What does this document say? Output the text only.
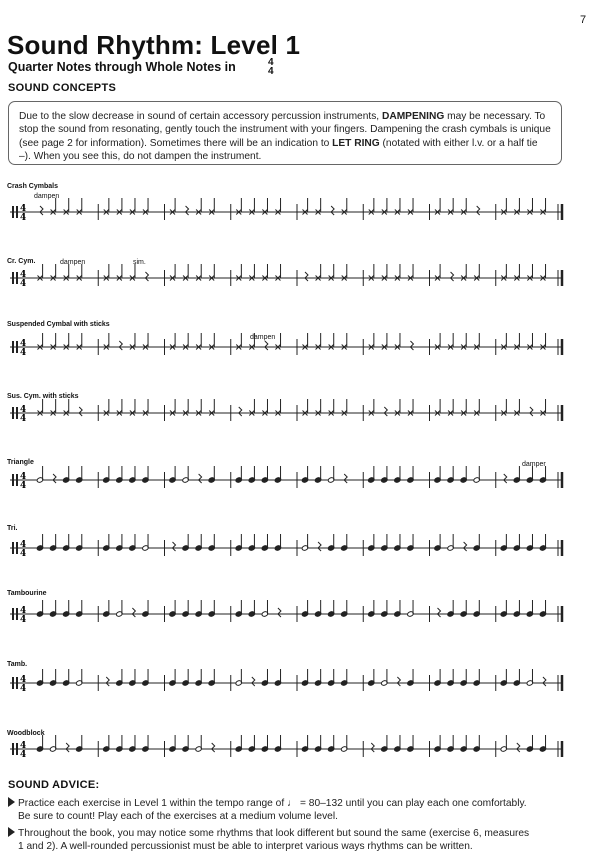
7
Sound Rhythm: Level 1
Quarter Notes through Whole Notes in	4
4
SOUND CONCEPTS
Due to the slow decrease in sound of certain accessory percussion instruments, DAMPENING may be necessary. To stop the sound from resonating, gently touch the instrument with your fingers. Dampening the crash cymbals is unique (see page 2 for information). Sometimes there will be an indication to LET RING (notated with either l.v. or a half tie –). When you see this, do not dampen the instrument.
Crash Cymbals
Cr. Cym.
Suspended Cymbal with sticks
Sus. Cym. with sticks
Triangle
Tri.
Tambourine
Tamb.
Woodblock
dampen
dampen	sim.
dampen
damper
4
4
4
4
4
4
4
4
4
4
4
4
4
4
4
4
4
4
SOUND ADVICE:
Practice each exercise in Level 1 within the tempo range of ♩ = 80–132 until you can play each one comfortably.
Be sure to count! Play each of the exercises at a medium volume level.
Throughout the book, you may notice some rhythms that look different but sound the same (exercise 6, measures
1 and 2). A well-rounded percussionist must be able to interpret various ways rhythms can be written.
